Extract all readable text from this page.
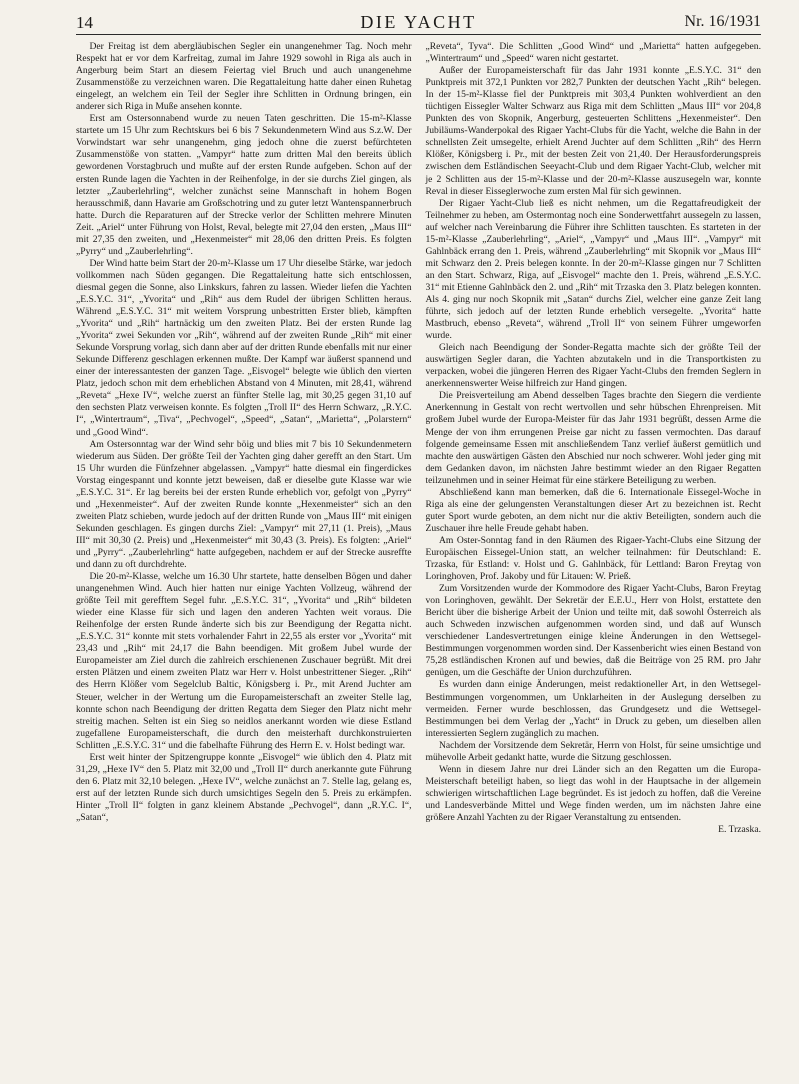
14	DIE YACHT	Nr. 16/1931

Der Freitag ist dem abergläubischen Segler ein unangenehmer Tag. Noch mehr Respekt hat er vor dem Karfreitag, zumal im Jahre 1929 sowohl in Riga als auch in Angerburg beim Start an diesem Feiertag viel Bruch und auch unangenehme Zusammenstöße zu verzeichnen waren. Die Regattaleitung hatte daher einen Ruhetag eingelegt, an welchem ein Teil der Segler ihre Schlitten in Ordnung bringen, ein anderer sich Riga in Muße ansehen konnte.

Erst am Ostersonnabend wurde zu neuen Taten geschritten. Die 15-m²-Klasse startete um 15 Uhr zum Rechtskurs bei 6 bis 7 Sekundenmetern Wind aus S.z.W. Der Vorwindstart war sehr unangenehm, ging jedoch ohne die zuerst befürchteten Zusammenstöße von statten. „Vampyr“ hatte zum dritten Mal den bereits üblich gewordenen Vorstagbruch und mußte auf der ersten Runde aufgeben. Schon auf der ersten Runde lagen die Yachten in der Reihenfolge, in der sie durchs Ziel gingen, als letzter „Zauberlehrling“, welcher zunächst seine Mannschaft in hohem Bogen herausschmiß, dann Havarie am Großschotring und zu guter letzt Wantenspannerbruch hatte. Durch die Reparaturen auf der Strecke verlor der Schlitten mehrere Minuten Zeit. „Ariel“ unter Führung von Holst, Reval, belegte mit 27,04 den ersten, „Maus III“ mit 27,35 den zweiten, und „Hexenmeister“ mit 28,06 den dritten Preis. Es folgten „Pyrry“ und „Zauberlehrling“.

Der Wind hatte beim Start der 20-m²-Klasse um 17 Uhr dieselbe Stärke, war jedoch vollkommen nach Süden gegangen. Die Regattaleitung hatte sich entschlossen, diesmal gegen die Sonne, also Linkskurs, fahren zu lassen. Wieder liefen die Yachten „E.S.Y.C. 31“, „Yvorita“ und „Rih“ aus dem Rudel der übrigen Schlitten heraus. Während „E.S.Y.C. 31“ mit weitem Vorsprung unbestritten Erster blieb, kämpften „Yvorita“ und „Rih“ hartnäckig um den zweiten Platz. Bei der ersten Runde lag „Yvorita“ zwei Sekunden vor „Rih“, während auf der zweiten Runde „Rih“ mit einer Sekunde Vorsprung vorlag, sich dann aber auf der dritten Runde ebenfalls mit nur einer Sekunde Differenz geschlagen erkennen mußte. Der Kampf war äußerst spannend und einer der interessantesten der ganzen Tage. „Eisvogel“ belegte wie üblich den vierten Platz, jedoch schon mit dem erheblichen Abstand von 4 Minuten, mit 28,41, während „Reveta“ „Hexe IV“, welche zuerst an fünfter Stelle lag, mit 30,25 gegen 31,10 auf den sechsten Platz verweisen konnte. Es folgten „Troll II“ des Herrn Schwarz, „R.Y.C. I“, „Wintertraum“, „Tiva“, „Pechvogel“, „Speed“, „Satan“, „Marietta“, „Polarstern“ und „Good Wind“.

Am Ostersonntag war der Wind sehr böig und blies mit 7 bis 10 Sekundenmetern wiederum aus Süden. Der größte Teil der Yachten ging daher gerefft an den Start. Um 15 Uhr wurden die Fünfzehner abgelassen. „Vampyr“ hatte diesmal ein fingerdickes Vorstag eingespannt und konnte jetzt beweisen, daß er dieselbe gute Klasse war wie „E.S.Y.C. 31“. Er lag bereits bei der ersten Runde erheblich vor, gefolgt von „Pyrry“ und „Hexenmeister“. Auf der zweiten Runde konnte „Hexenmeister“ sich an den zweiten Platz schieben, wurde jedoch auf der dritten Runde von „Maus III“ mit einigen Sekunden geschlagen. Es gingen durchs Ziel: „Vampyr“ mit 27,11 (1. Preis), „Maus III“ mit 30,30 (2. Preis) und „Hexenmeister“ mit 30,43 (3. Preis). Es folgten: „Ariel“ und „Pyrry“. „Zauberlehrling“ hatte aufgegeben, nachdem er auf der Strecke ausreffte und dann zu oft durchdrehte.

Die 20-m²-Klasse, welche um 16.30 Uhr startete, hatte denselben Bögen und daher unangenehmen Wind. Auch hier hatten nur einige Yachten Vollzeug, während der größte Teil mit gerefftem Segel fuhr. „E.S.Y.C. 31“, „Yvorita“ und „Rih“ bildeten wieder eine Klasse für sich und lagen den anderen Yachten weit voraus. Die Reihenfolge der ersten Runde änderte sich bis zur Beendigung der Regatta nicht. „E.S.Y.C. 31“ konnte mit stets vorhalender Fahrt in 22,55 als erster vor „Yvorita“ mit 23,43 und „Rih“ mit 24,17 die Bahn beendigen. Mit großem Jubel wurde der Europameister am Ziel durch die zahlreich erschienenen Zuschauer begrüßt. Mit drei ersten Plätzen und einem zweiten Platz war Herr v. Holst unbestrittener Sieger. „Rih“ des Herrn Klößer vom Segelclub Baltic, Königsberg i. Pr., mit Arend Juchter am Steuer, welcher in der Wertung um die Europameisterschaft an zweiter Stelle lag, konnte schon nach Beendigung der dritten Regatta dem Sieger den Platz nicht mehr streitig machen. Selten ist ein Sieg so neidlos anerkannt worden wie diese Estland zugefallene Europameisterschaft, die durch den meisterhaft durchkonstruierten Schlitten „E.S.Y.C. 31“ und die fabelhafte Führung des Herrn E. v. Holst bedingt war.

Erst weit hinter der Spitzengruppe konnte „Eisvogel“ wie üblich den 4. Platz mit 31,29, „Hexe IV“ den 5. Platz mit 32,00 und „Troll II“ durch anerkannte gute Führung den 6. Platz mit 32,10 belegen. „Hexe IV“, welche zunächst an 7. Stelle lag, gelang es, erst auf der letzten Runde sich durch umsichtiges Segeln den 5. Preis zu erkämpfen. Hinter „Troll II“ folgten in ganz kleinem Abstande „Pechvogel“, dann „R.Y.C. I“, „Satan“,

„Reveta“, Tyva“. Die Schlitten „Good Wind“ und „Marietta“ hatten aufgegeben. „Wintertraum“ und „Speed“ waren nicht gestartet.

Außer der Europameisterschaft für das Jahr 1931 konnte „E.S.Y.C. 31“ den Punktpreis mit 372,1 Punkten vor 282,7 Punkten der deutschen Yacht „Rih“ belegen. In der 15-m²-Klasse fiel der Punktpreis mit 303,4 Punkten wohlverdient an den tüchtigen Eissegler Walter Schwarz aus Riga mit dem Schlitten „Maus III“ vor 204,8 Punkten des von Skopnik, Angerburg, gesteuerten Schlittens „Hexenmeister“. Den Jubiläums-Wanderpokal des Rigaer Yacht-Clubs für die Yacht, welche die Bahn in der schnellsten Zeit umsegelte, erhielt Arend Juchter auf dem Schlitten „Rih“ des Herrn Klößer, Königsberg i. Pr., mit der besten Zeit von 21,40. Der Herausforderungspreis zwischen dem Estländischen Seeyacht-Club und dem Rigaer Yacht-Club, welcher mit je 2 Schlitten aus der 15-m²-Klasse und der 20-m²-Klasse auszusegeln war, konnte Reval in dieser Eisseglerwoche zum ersten Mal für sich gewinnen.

Der Rigaer Yacht-Club ließ es nicht nehmen, um die Regattafreudigkeit der Teilnehmer zu heben, am Ostermontag noch eine Sonderwettfahrt aussegeln zu lassen, auf welcher nach Vereinbarung die Führer ihre Schlitten tauschten. Es starteten in der 15-m²-Klasse „Zauberlehrling“, „Ariel“, „Vampyr“ und „Maus III“. „Vampyr“ mit Gahlnbäck errang den 1. Preis, während „Zauberlehrling“ mit Skopnik vor „Maus III“ mit Schwarz den 2. Preis belegen konnte. In der 20-m²-Klasse gingen nur 7 Schlitten an den Start. Schwarz, Riga, auf „Eisvogel“ machte den 1. Preis, während „E.S.Y.C. 31“ mit Etienne Gahlnbäck den 2. und „Rih“ mit Trzaska den 3. Platz belegen konnten. Als 4. ging nur noch Skopnik mit „Satan“ durchs Ziel, welcher eine ganze Zeit lang führte, sich jedoch auf der letzten Runde erheblich versegelte. „Yvorita“ hatte Mastbruch, ebenso „Reveta“, während „Troll II“ von seinem Führer umgeworfen wurde.

Gleich nach Beendigung der Sonder-Regatta machte sich der größte Teil der auswärtigen Segler daran, die Yachten abzutakeln und in die Transportkisten zu verpacken, wobei die jüngeren Herren des Rigaer Yacht-Clubs den fremden Seglern in anerkennenswerter Weise hilfreich zur Hand gingen.

Die Preisverteilung am Abend desselben Tages brachte den Siegern die verdiente Anerkennung in Gestalt von recht wertvollen und sehr hübschen Ehrenpreisen. Mit großem Jubel wurde der Europa-Meister für das Jahr 1931 begrüßt, dessen Arme die Menge der von ihm errungenen Preise gar nicht zu fassen vermochten. Das darauf folgende gemeinsame Essen mit anschließendem Tanz verlief äußerst gemütlich und machte den auswärtigen Gästen den Abschied nur noch schwerer. Wohl jeder ging mit dem Gedanken davon, im nächsten Jahre bestimmt wieder an den Rigaer Regatten teilzunehmen und in seiner Heimat für eine stärkere Beteiligung zu werben.

Abschließend kann man bemerken, daß die 6. Internationale Eissegel-Woche in Riga als eine der gelungensten Veranstaltungen dieser Art zu bezeichnen ist. Recht guter Sport wurde geboten, an dem nicht nur die aktiv Beteiligten, sondern auch die Zuschauer ihre helle Freude gehabt haben.

Am Oster-Sonntag fand in den Räumen des Rigaer-Yacht-Clubs eine Sitzung der Europäischen Eissegel-Union statt, an welcher teilnahmen: für Deutschland: E. Trzaska, für Estland: v. Holst und G. Gahlnbäck, für Lettland: Baron Freytag von Loringhoven, Prof. Jakoby und für Litauen: W. Prieß.

Zum Vorsitzenden wurde der Kommodore des Rigaer Yacht-Clubs, Baron Freytag von Loringhoven, gewählt. Der Sekretär der E.E.U., Herr von Holst, erstattete den Bericht über die bisherige Arbeit der Union und teilte mit, daß sowohl Österreich als auch Schweden inzwischen aufgenommen worden sind, und daß auf Wunsch verschiedener Landesvertretungen einige kleine Änderungen in den Wettsegel-Bestimmungen vorgenommen worden sind. Der Kassenbericht wies einen Bestand von 75,28 estländischen Kronen auf und bewies, daß die Beiträge von 25 RM. pro Jahr genügen, um die Geschäfte der Union durchzuführen.

Es wurden dann einige Änderungen, meist redaktioneller Art, in den Wettsegel-Bestimmungen vorgenommen, um Unklarheiten in der Auslegung derselben zu vermeiden. Ferner wurde beschlossen, das Grundgesetz und die Wettsegel-Bestimmungen bei dem Verlag der „Yacht“ in Druck zu geben, um dieselben allen interessierten Seglern zugänglich zu machen.

Nachdem der Vorsitzende dem Sekretär, Herrn von Holst, für seine umsichtige und mühevolle Arbeit gedankt hatte, wurde die Sitzung geschlossen.

Wenn in diesem Jahre nur drei Länder sich an den Regatten um die Europa-Meisterschaft beteiligt haben, so liegt das wohl in der Hauptsache in der allgemein schwierigen wirtschaftlichen Lage begründet. Es ist jedoch zu hoffen, daß die Vereine und Landesverbände Mittel und Wege finden werden, um im nächsten Jahre eine größere Anzahl Yachten zu der Rigaer Veranstaltung zu entsenden.

E. Trzaska.
